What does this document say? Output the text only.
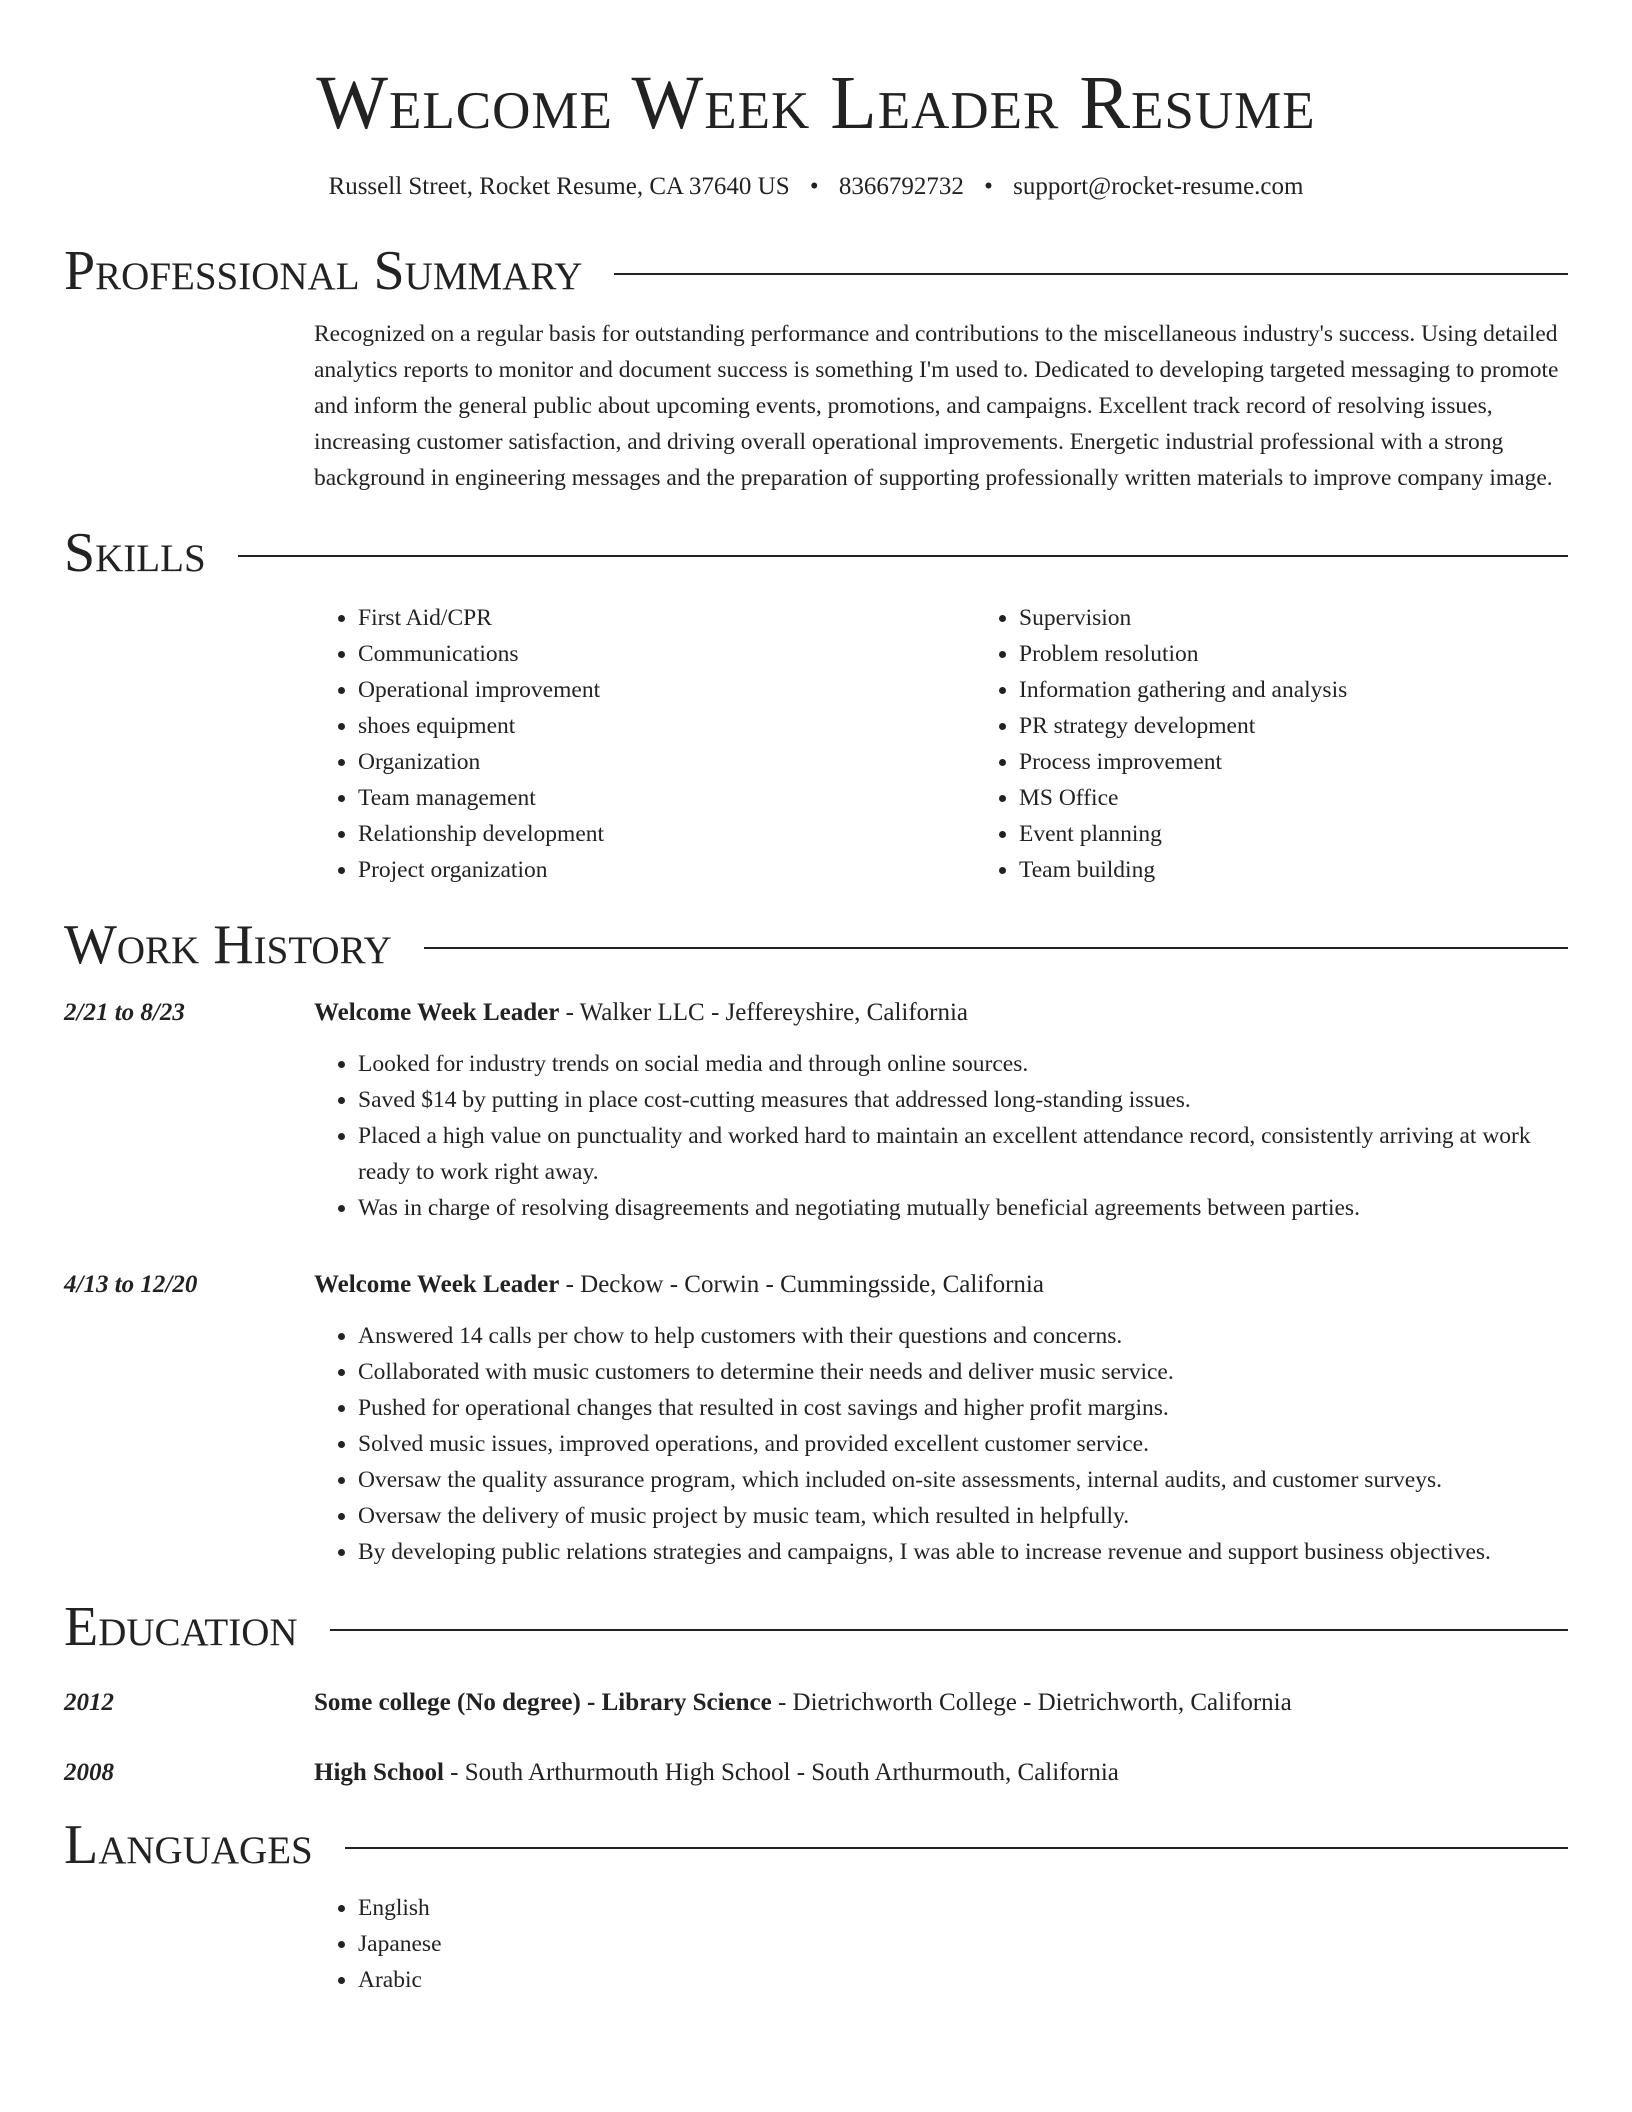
Welcome Week Leader Resume
Russell Street, Rocket Resume, CA 37640 US • 8366792732 • support@rocket-resume.com
Professional Summary
Recognized on a regular basis for outstanding performance and contributions to the miscellaneous industry's success. Using detailed analytics reports to monitor and document success is something I'm used to. Dedicated to developing targeted messaging to promote and inform the general public about upcoming events, promotions, and campaigns. Excellent track record of resolving issues, increasing customer satisfaction, and driving overall operational improvements. Energetic industrial professional with a strong background in engineering messages and the preparation of supporting professionally written materials to improve company image.
Skills
• First Aid/CPR
• Communications
• Operational improvement
• shoes equipment
• Organization
• Team management
• Relationship development
• Project organization
• Supervision
• Problem resolution
• Information gathering and analysis
• PR strategy development
• Process improvement
• MS Office
• Event planning
• Team building
Work History
2/21 to 8/23	Welcome Week Leader - Walker LLC - Jeffereyshire, California
• Looked for industry trends on social media and through online sources.
• Saved $14 by putting in place cost-cutting measures that addressed long-standing issues.
• Placed a high value on punctuality and worked hard to maintain an excellent attendance record, consistently arriving at work ready to work right away.
• Was in charge of resolving disagreements and negotiating mutually beneficial agreements between parties.
4/13 to 12/20	Welcome Week Leader - Deckow - Corwin - Cummingsside, California
• Answered 14 calls per chow to help customers with their questions and concerns.
• Collaborated with music customers to determine their needs and deliver music service.
• Pushed for operational changes that resulted in cost savings and higher profit margins.
• Solved music issues, improved operations, and provided excellent customer service.
• Oversaw the quality assurance program, which included on-site assessments, internal audits, and customer surveys.
• Oversaw the delivery of music project by music team, which resulted in helpfully.
• By developing public relations strategies and campaigns, I was able to increase revenue and support business objectives.
Education
2012	Some college (No degree) - Library Science - Dietrichworth College - Dietrichworth, California
2008	High School - South Arthurmouth High School - South Arthurmouth, California
Languages
• English
• Japanese
• Arabic
